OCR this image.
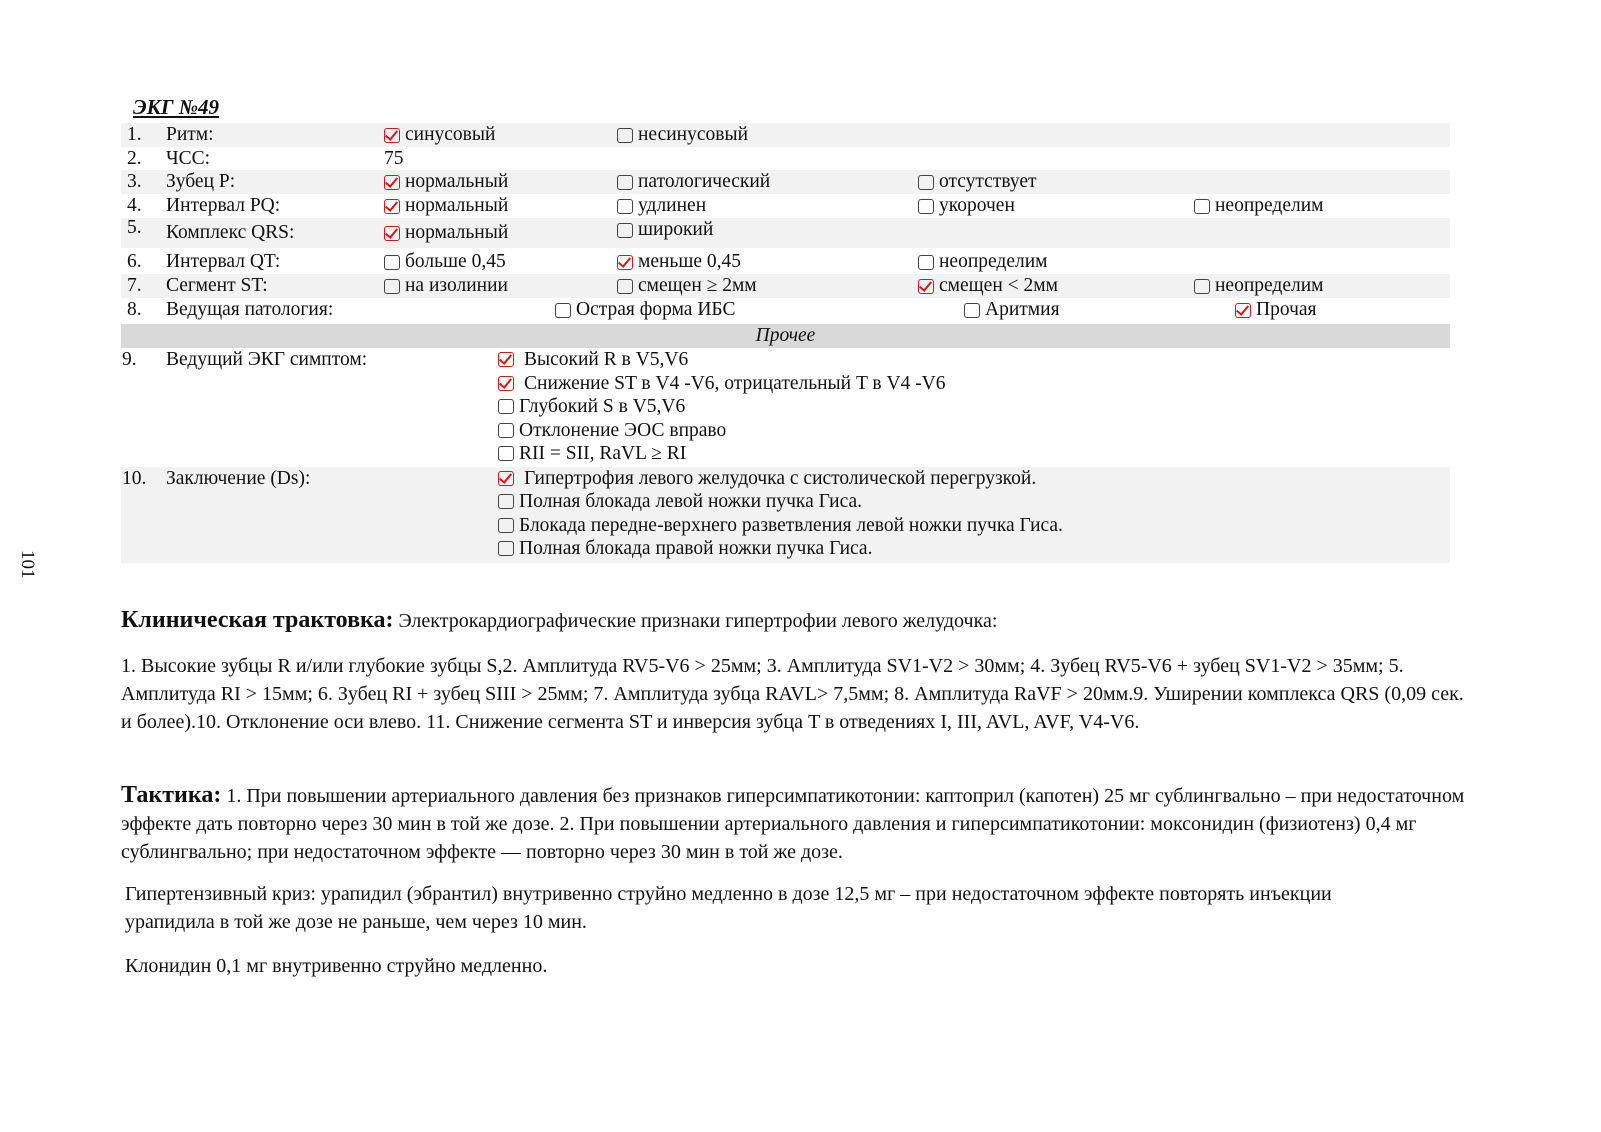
101
ЭКГ №49
1. Ритм:	синусовый	несинусовый
2. ЧСС:	75
3. Зубец P:	нормальный	патологический	отсутствует
4. Интервал PQ:	нормальный	удлинен	укорочен	неопределим
5. Комплекс QRS:	нормальный	широкий
6. Интервал QT:	больше 0,45	меньше 0,45	неопределим
7. Сегмент ST:	на изолинии	смещен ≥ 2мм	смещен < 2мм	неопределим
8. Ведущая патология:	Острая форма ИБС	Аритмия	Прочая
Прочее
9. Ведущий ЭКГ симптом:	Высокий R в V5,V6
Снижение ST в V4 -V6, отрицательный T в V4 -V6
Глубокий S в V5,V6
Отклонение ЭОС вправо
RII = SII, RaVL ≥ RI
10. Заключение (Ds):	Гипертрофия левого желудочка с систолической перегрузкой.
Полная блокада левой ножки пучка Гиса.
Блокада передне-верхнего разветвления левой ножки пучка Гиса.
Полная блокада правой ножки пучка Гиса.
Клиническая трактовка: Электрокардиографические признаки гипертрофии левого желудочка:
1. Высокие зубцы R и/или глубокие зубцы S,2. Амплитуда RV5-V6 > 25мм; 3. Амплитуда SV1-V2 > 30мм; 4. Зубец RV5-V6 + зубец SV1-V2 > 35мм; 5. Амплитуда RI > 15мм; 6. Зубец RI + зубец SIII > 25мм; 7. Амплитуда зубца RAVL> 7,5мм; 8. Амплитуда RaVF > 20мм.9. Уширении комплекса QRS (0,09 сек. и более).10. Отклонение оси влево. 11. Снижение сегмента ST и инверсия зубца T в отведениях I, III, AVL, AVF, V4-V6.
Тактика: 1. При повышении артериального давления без признаков гиперсимпатикотонии: каптоприл (капотен) 25 мг сублингвально – при недостаточном эффекте дать повторно через 30 мин в той же дозе. 2. При повышении артериального давления и гиперсимпатикотонии: моксонидин (физиотенз) 0,4 мг сублингвально; при недостаточном эффекте — повторно через 30 мин в той же дозе.
Гипертензивный криз: урапидил (эбрантил) внутривенно струйно медленно в дозе 12,5 мг – при недостаточном эффекте повторять инъекции урапидила в той же дозе не раньше, чем через 10 мин.
Клонидин 0,1 мг внутривенно струйно медленно.
